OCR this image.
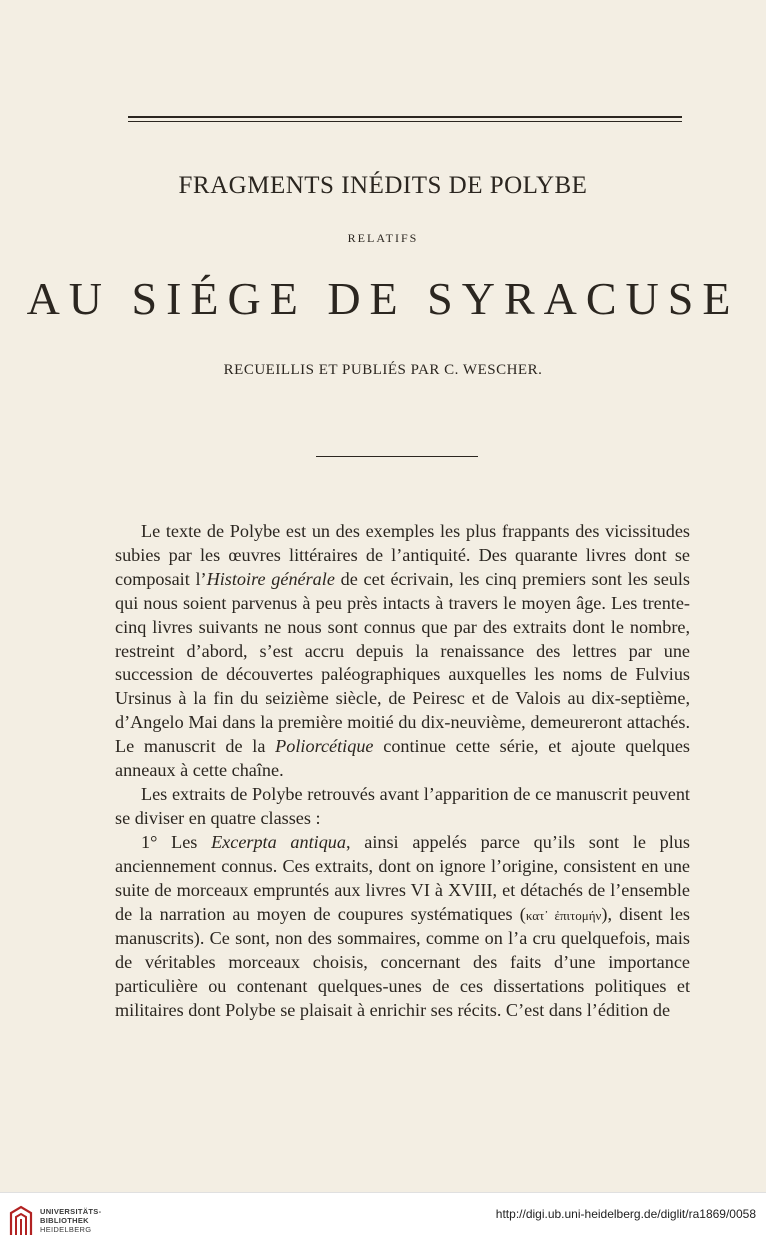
FRAGMENTS INÉDITS DE POLYBE
RELATIFS
AU SIÉGE DE SYRACUSE
RECUEILLIS ET PUBLIÉS PAR C. WESCHER.

Le texte de Polybe est un des exemples les plus frappants des vicissitudes subies par les œuvres littéraires de l’antiquité. Des quarante livres dont se composait l’Histoire générale de cet écrivain, les cinq premiers sont les seuls qui nous soient parvenus à peu près intacts à travers le moyen âge. Les trente-cinq livres suivants ne nous sont connus que par des extraits dont le nombre, restreint d’abord, s’est accru depuis la renaissance des lettres par une succession de découvertes paléographiques auxquelles les noms de Fulvius Ursinus à la fin du seizième siècle, de Peiresc et de Valois au dix-septième, d’Angelo Mai dans la première moitié du dix-neuvième, demeureront attachés. Le manuscrit de la Poliorcétique continue cette série, et ajoute quelques anneaux à cette chaîne.

Les extraits de Polybe retrouvés avant l’apparition de ce manuscrit peuvent se diviser en quatre classes :

1° Les Excerpta antiqua, ainsi appelés parce qu’ils sont le plus anciennement connus. Ces extraits, dont on ignore l’origine, consistent en une suite de morceaux empruntés aux livres VI à XVIII, et détachés de l’ensemble de la narration au moyen de coupures systématiques (κατ᾽ ἐπιτομήν), disent les manuscrits). Ce sont, non des sommaires, comme on l’a cru quelquefois, mais de véritables morceaux choisis, concernant des faits d’une importance particulière ou contenant quelques-unes de ces dissertations politiques et militaires dont Polybe se plaisait à enrichir ses récits. C’est dans l’édition de

UNIVERSITÄTS-
BIBLIOTHEK
HEIDELBERG
http://digi.ub.uni-heidelberg.de/diglit/ra1869/0058
